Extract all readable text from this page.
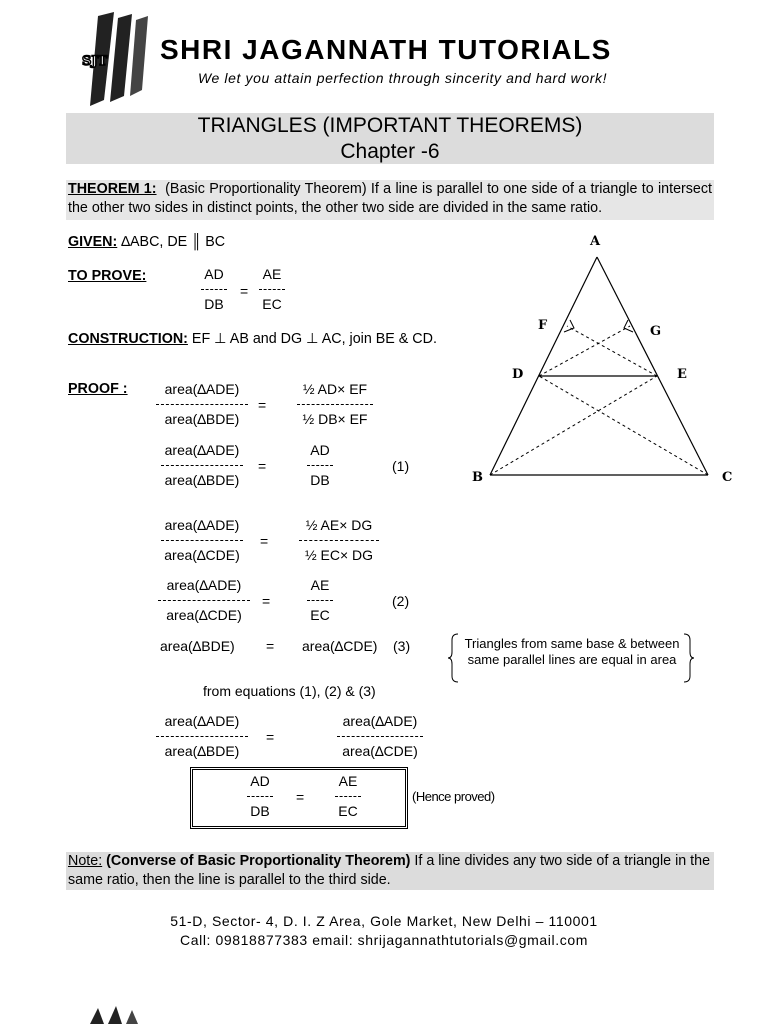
SJT SHRI JAGANNATH TUTORIALS
We let you attain perfection through sincerity and hard work!
TRIANGLES (IMPORTANT THEOREMS)
Chapter -6
THEOREM 1: (Basic Proportionality Theorem) If a line is parallel to one side of a triangle to intersect the other two sides in distinct points, the other two side are divided in the same ratio.
GIVEN: ∆ABC, DE ║ BC
TO PROVE:	AD
DB
=
AE
EC
CONSTRUCTION: EF ⊥ AB and DG ⊥ AC, join BE & CD.
PROOF :	area(∆ADE)
area(∆BDE)
=
½ AD× EF
½ DB× EF
area(∆ADE)
area(∆BDE)
=
AD
DB
(1)
area(∆ADE)
area(∆CDE)
=
½ AE× DG
½ EC× DG
area(∆ADE)
area(∆CDE)
=
AE
EC
(2)
area(∆BDE) = area(∆CDE) (3)	Triangles from same base & between same parallel lines are equal in area
from equations (1), (2) & (3)
area(∆ADE)
area(∆BDE)
=
area(∆ADE)
area(∆CDE)
AD
DB
=
AE
EC
(Hence proved)
Note: (Converse of Basic Proportionality Theorem) If a line divides any two side of a triangle in the same ratio, then the line is parallel to the third side.
51-D, Sector- 4, D. I. Z Area, Gole Market, New Delhi – 110001
Call: 09818877383 email: shrijagannathtutorials@gmail.com
A
B	C
D	E
F	G
